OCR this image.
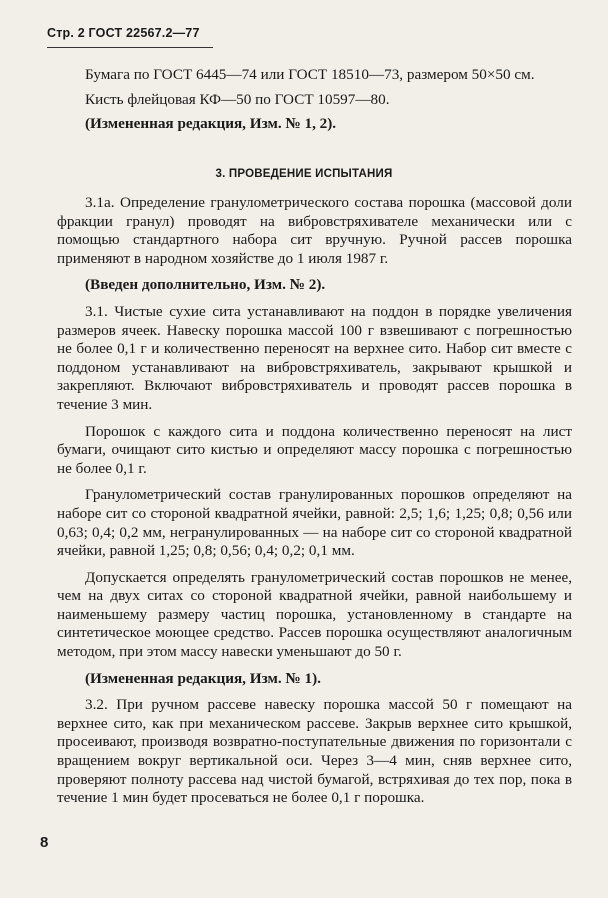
Стр. 2 ГОСТ 22567.2—77

Бумага по ГОСТ 6445—74 или ГОСТ 18510—73, размером 50×50 см.

Кисть флейцовая КФ—50 по ГОСТ 10597—80.

(Измененная редакция, Изм. № 1, 2).

3. ПРОВЕДЕНИЕ ИСПЫТАНИЯ

3.1а. Определение гранулометрического состава порошка (массовой доли фракции гранул) проводят на вибровстряхивателе механически или с помощью стандартного набора сит вручную. Ручной рассев порошка применяют в народном хозяйстве до 1 июля 1987 г.

(Введен дополнительно, Изм. № 2).

3.1. Чистые сухие сита устанавливают на поддон в порядке увеличения размеров ячеек. Навеску порошка массой 100 г взвешивают с погрешностью не более 0,1 г и количественно переносят на верхнее сито. Набор сит вместе с поддоном устанавливают на вибровстряхиватель, закрывают крышкой и закрепляют. Включают вибровстряхиватель и проводят рассев порошка в течение 3 мин.

Порошок с каждого сита и поддона количественно переносят на лист бумаги, очищают сито кистью и определяют массу порошка с погрешностью не более 0,1 г.

Гранулометрический состав гранулированных порошков определяют на наборе сит со стороной квадратной ячейки, равной: 2,5; 1,6; 1,25; 0,8; 0,56 или 0,63; 0,4; 0,2 мм, негранулированных — на наборе сит со стороной квадратной ячейки, равной 1,25; 0,8; 0,56; 0,4; 0,2; 0,1 мм.

Допускается определять гранулометрический состав порошков не менее, чем на двух ситах со стороной квадратной ячейки, равной наибольшему и наименьшему размеру частиц порошка, установленному в стандарте на синтетическое моющее средство. Рассев порошка осуществляют аналогичным методом, при этом массу навески уменьшают до 50 г.

(Измененная редакция, Изм. № 1).

3.2. При ручном рассеве навеску порошка массой 50 г помещают на верхнее сито, как при механическом рассеве. Закрыв верхнее сито крышкой, просеивают, производя возвратно-поступательные движения по горизонтали с вращением вокруг вертикальной оси. Через 3—4 мин, сняв верхнее сито, проверяют полноту рассева над чистой бумагой, встряхивая до тех пор, пока в течение 1 мин будет просеваться не более 0,1 г порошка.

8
